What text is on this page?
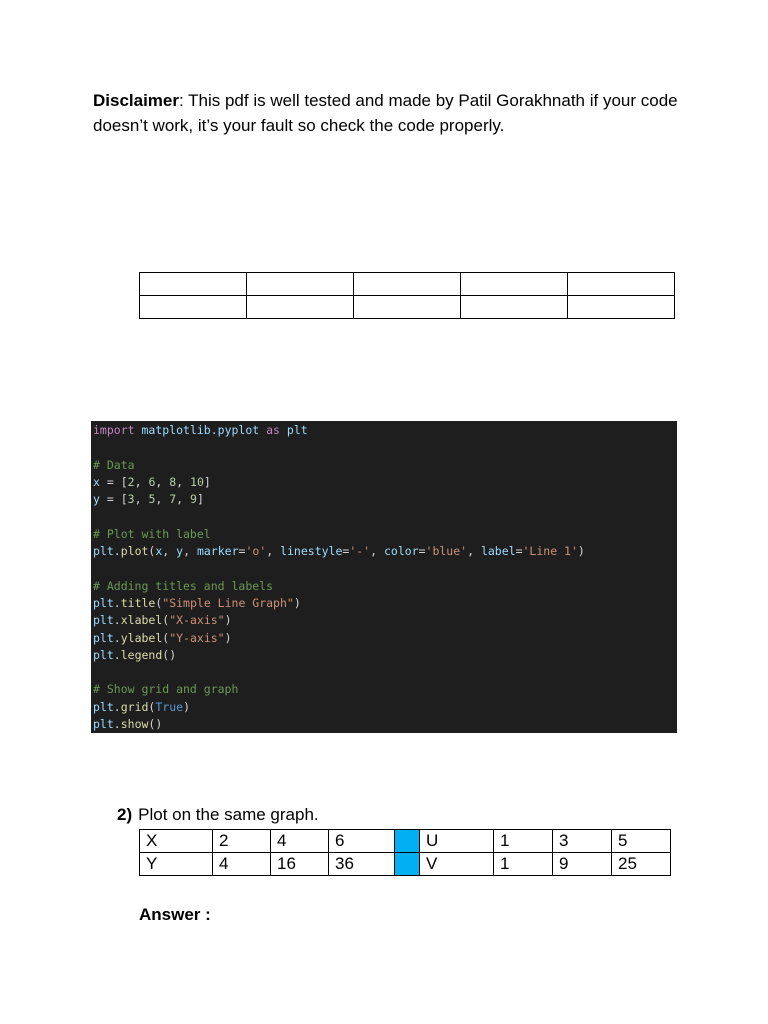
Disclaimer: This pdf is well tested and made by Patil Gorakhnath if your code doesn’t work, it’s your fault so check the code properly.

import matplotlib.pyplot as plt
# Data
x = [2, 6, 8, 10]
y = [3, 5, 7, 9]
# Plot with label
plt.plot(x, y, marker='o', linestyle='-', color='blue', label='Line 1')
# Adding titles and labels
plt.title("Simple Line Graph")
plt.xlabel("X-axis")
plt.ylabel("Y-axis")
plt.legend()
# Show grid and graph
plt.grid(True)
plt.show()
2) Plot on the same graph.
X	2	4	6		U	1	3	5
Y	4	16	36		V	1	9	25
Answer :
